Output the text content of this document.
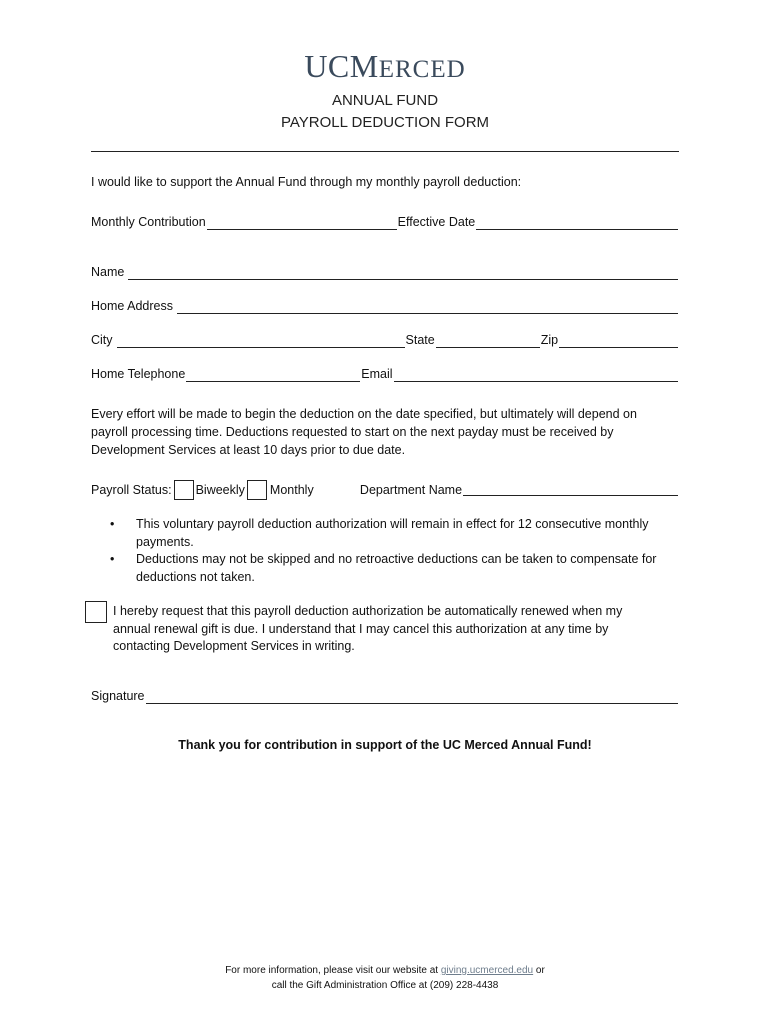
UCMERCED
ANNUAL FUND
PAYROLL DEDUCTION FORM
I would like to support the Annual Fund through my monthly payroll deduction:
Monthly Contribution	Effective Date
Name
Home Address
City	State	Zip
Home Telephone	Email
Every effort will be made to begin the deduction on the date specified, but ultimately will depend on
payroll processing time. Deductions requested to start on the next payday must be received by
Development Services at least 10 days prior to due date.
Payroll Status: Biweekly Monthly	Department Name
•	This voluntary payroll deduction authorization will remain in effect for 12 consecutive monthly
payments.
•	Deductions may not be skipped and no retroactive deductions can be taken to compensate for
deductions not taken.
I hereby request that this payroll deduction authorization be automatically renewed when my
annual renewal gift is due. I understand that I may cancel this authorization at any time by
contacting Development Services in writing.
Signature
Thank you for contribution in support of the UC Merced Annual Fund!
For more information, please visit our website at giving.ucmerced.edu or
call the Gift Administration Office at (209) 228-4438
